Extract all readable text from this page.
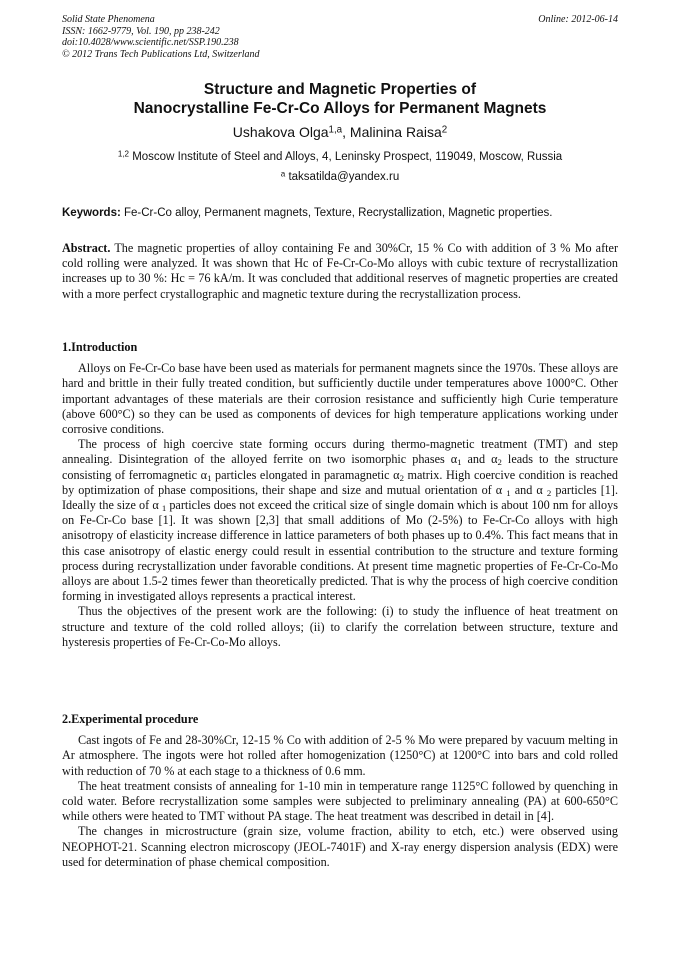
Solid State Phenomena
ISSN: 1662-9779, Vol. 190, pp 238-242
doi:10.4028/www.scientific.net/SSP.190.238
© 2012 Trans Tech Publications Ltd, Switzerland
Online: 2012-06-14
Structure and Magnetic Properties of
Nanocrystalline Fe-Cr-Co Alloys for Permanent Magnets
Ushakova Olga$^{1,a}$, Malinina Raisa$^2$
$^{1,2}$ Moscow Institute of Steel and Alloys, 4, Leninsky Prospect, 119049, Moscow, Russia
$^a$ taksatilda@yandex.ru
Keywords: Fe-Cr-Co alloy, Permanent magnets, Texture, Recrystallization, Magnetic properties.

Abstract. The magnetic properties of alloy containing Fe and 30%Cr, 15 % Co with addition of 3 % Mo after cold rolling were analyzed. It was shown that Hc of Fe-Cr-Co-Mo alloys with cubic texture of recrystallization increases up to 30 %: Hc = 76 kA/m. It was concluded that additional reserves of magnetic properties are created with a more perfect crystallographic and magnetic texture during the recrystallization process.

1.Introduction

Alloys on Fe-Cr-Co base have been used as materials for permanent magnets since the 1970s. These alloys are hard and brittle in their fully treated condition, but sufficiently ductile under temperatures above 1000°C. Other important advantages of these materials are their corrosion resistance and sufficiently high Curie temperature (above 600°C) so they can be used as components of devices for high temperature applications working under corrosive conditions.

The process of high coercive state forming occurs during thermo-magnetic treatment (TMT) and step annealing. Disintegration of the alloyed ferrite on two isomorphic phases $\alpha_1$ and $\alpha_2$ leads to the structure consisting of ferromagnetic $\alpha_1$ particles elongated in paramagnetic $\alpha_2$ matrix. High coercive condition is reached by optimization of phase compositions, their shape and size and mutual orientation of α $_1$ and α $_2$ particles [1]. Ideally the size of α $_1$ particles does not exceed the critical size of single domain which is about 100 nm for alloys on Fe-Cr-Co base [1]. It was shown [2,3] that small additions of Mo (2-5%) to Fe-Cr-Co alloys with high anisotropy of elasticity increase difference in lattice parameters of both phases up to 0.4%. This fact means that in this case anisotropy of elastic energy could result in essential contribution to the structure and texture forming process during recrystallization under favorable conditions. At present time magnetic properties of Fe-Cr-Co-Mo alloys are about 1.5-2 times fewer than theoretically predicted. That is why the process of high coercive condition forming in investigated alloys represents a practical interest.

Thus the objectives of the present work are the following: (i) to study the influence of heat treatment on structure and texture of the cold rolled alloys; (ii) to clarify the correlation between structure, texture and hysteresis properties of Fe-Cr-Co-Mo alloys.

2.Experimental procedure

Cast ingots of Fe and 28-30%Cr, 12-15 % Co with addition of 2-5 % Mo were prepared by vacuum melting in Ar atmosphere. The ingots were hot rolled after homogenization (1250°C) at 1200°C into bars and cold rolled with reduction of 70 % at each stage to a thickness of 0.6 mm.

The heat treatment consists of annealing for 1-10 min in temperature range 1125°C followed by quenching in cold water. Before recrystallization some samples were subjected to preliminary annealing (PA) at 600-650°C while others were heated to TMT without PA stage. The heat treatment was described in detail in [4].

The changes in microstructure (grain size, volume fraction, ability to etch, etc.) were observed using NEOPHOT-21. Scanning electron microscopy (JEOL-7401F) and X-ray energy dispersion analysis (EDX) were used for determination of phase chemical composition.
